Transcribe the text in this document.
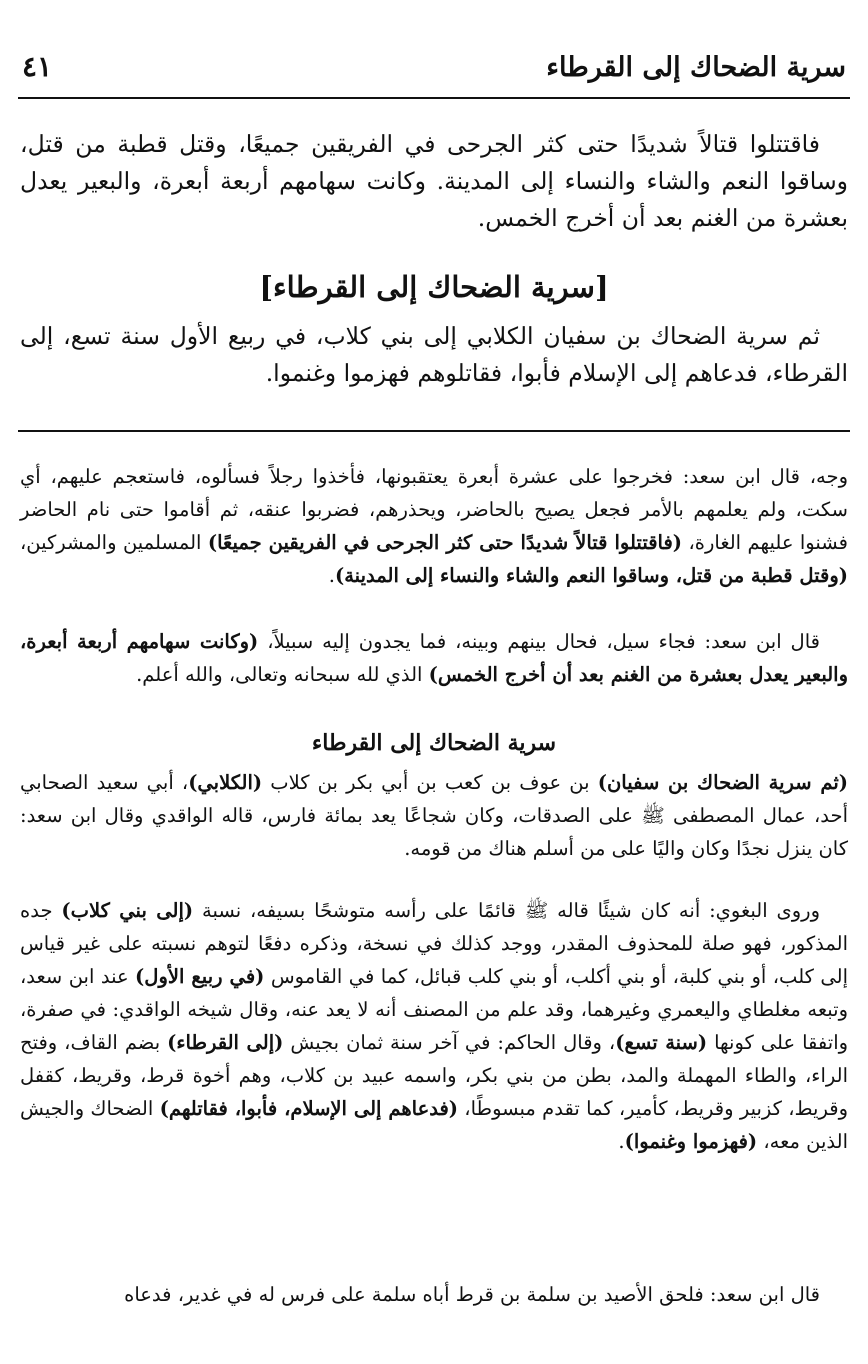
سرية الضحاك إلى القرطاء
٤١

فاقتتلوا قتالاً شديدًا حتى كثر الجرحى في الفريقين جميعًا، وقتل قطبة من قتل، وساقوا النعم والشاء والنساء إلى المدينة. وكانت سهامهم أربعة أبعرة، والبعير يعدل بعشرة من الغنم بعد أن أخرج الخمس.

[سرية الضحاك إلى القرطاء]

ثم سرية الضحاك بن سفيان الكلابي إلى بني كلاب، في ربيع الأول سنة تسع، إلى القرطاء، فدعاهم إلى الإسلام فأبوا، فقاتلوهم فهزموا وغنموا.

وجه، قال ابن سعد: فخرجوا على عشرة أبعرة يعتقبونها، فأخذوا رجلاً فسألوه، فاستعجم عليهم، أي سكت، ولم يعلمهم بالأمر فجعل يصيح بالحاضر، ويحذرهم، فضربوا عنقه، ثم أقاموا حتى نام الحاضر فشنوا عليهم الغارة، (فاقتتلوا قتالاً شديدًا حتى كثر الجرحى في الفريقين جميعًا) المسلمين والمشركين، (وقتل قطبة من قتل، وساقوا النعم والشاء والنساء إلى المدينة).

قال ابن سعد: فجاء سيل، فحال بينهم وبينه، فما يجدون إليه سبيلاً، (وكانت سهامهم أربعة أبعرة، والبعير يعدل بعشرة من الغنم بعد أن أخرج الخمس) الذي لله سبحانه وتعالى، والله أعلم.

سرية الضحاك إلى القرطاء

(ثم سرية الضحاك بن سفيان) بن عوف بن كعب بن أبي بكر بن كلاب (الكلابي)، أبي سعيد الصحابي أحد، عمال المصطفى ﷺ على الصدقات، وكان شجاعًا يعد بمائة فارس، قاله الواقدي وقال ابن سعد: كان ينزل نجدًا وكان واليًا على من أسلم هناك من قومه.

وروى البغوي: أنه كان شيئًا قاله ﷺ قائمًا على رأسه متوشحًا بسيفه، نسبة (إلى بني كلاب) جده المذكور، فهو صلة للمحذوف المقدر، ووجد كذلك في نسخة، وذكره دفعًا لتوهم نسبته على غير قياس إلى كلب، أو بني كلبة، أو بني أكلب، أو بني كلب قبائل، كما في القاموس (في ربيع الأول) عند ابن سعد، وتبعه مغلطاي واليعمري وغيرهما، وقد علم من المصنف أنه لا يعد عنه، وقال شيخه الواقدي: في صفرة، واتفقا على كونها (سنة تسع)، وقال الحاكم: في آخر سنة ثمان بجيش (إلى القرطاء) بضم القاف، وفتح الراء، والطاء المهملة والمد، بطن من بني بكر، واسمه عبيد بن كلاب، وهم أخوة قرط، وقريط، كقفل وقريط، كزبير وقريط، كأمير، كما تقدم مبسوطًا، (فدعاهم إلى الإسلام، فأبوا، فقاتلهم) الضحاك والجيش الذين معه، (فهزموا وغنموا).

قال ابن سعد: فلحق الأصيد بن سلمة بن قرط أباه سلمة على فرس له في غدير، فدعاه
